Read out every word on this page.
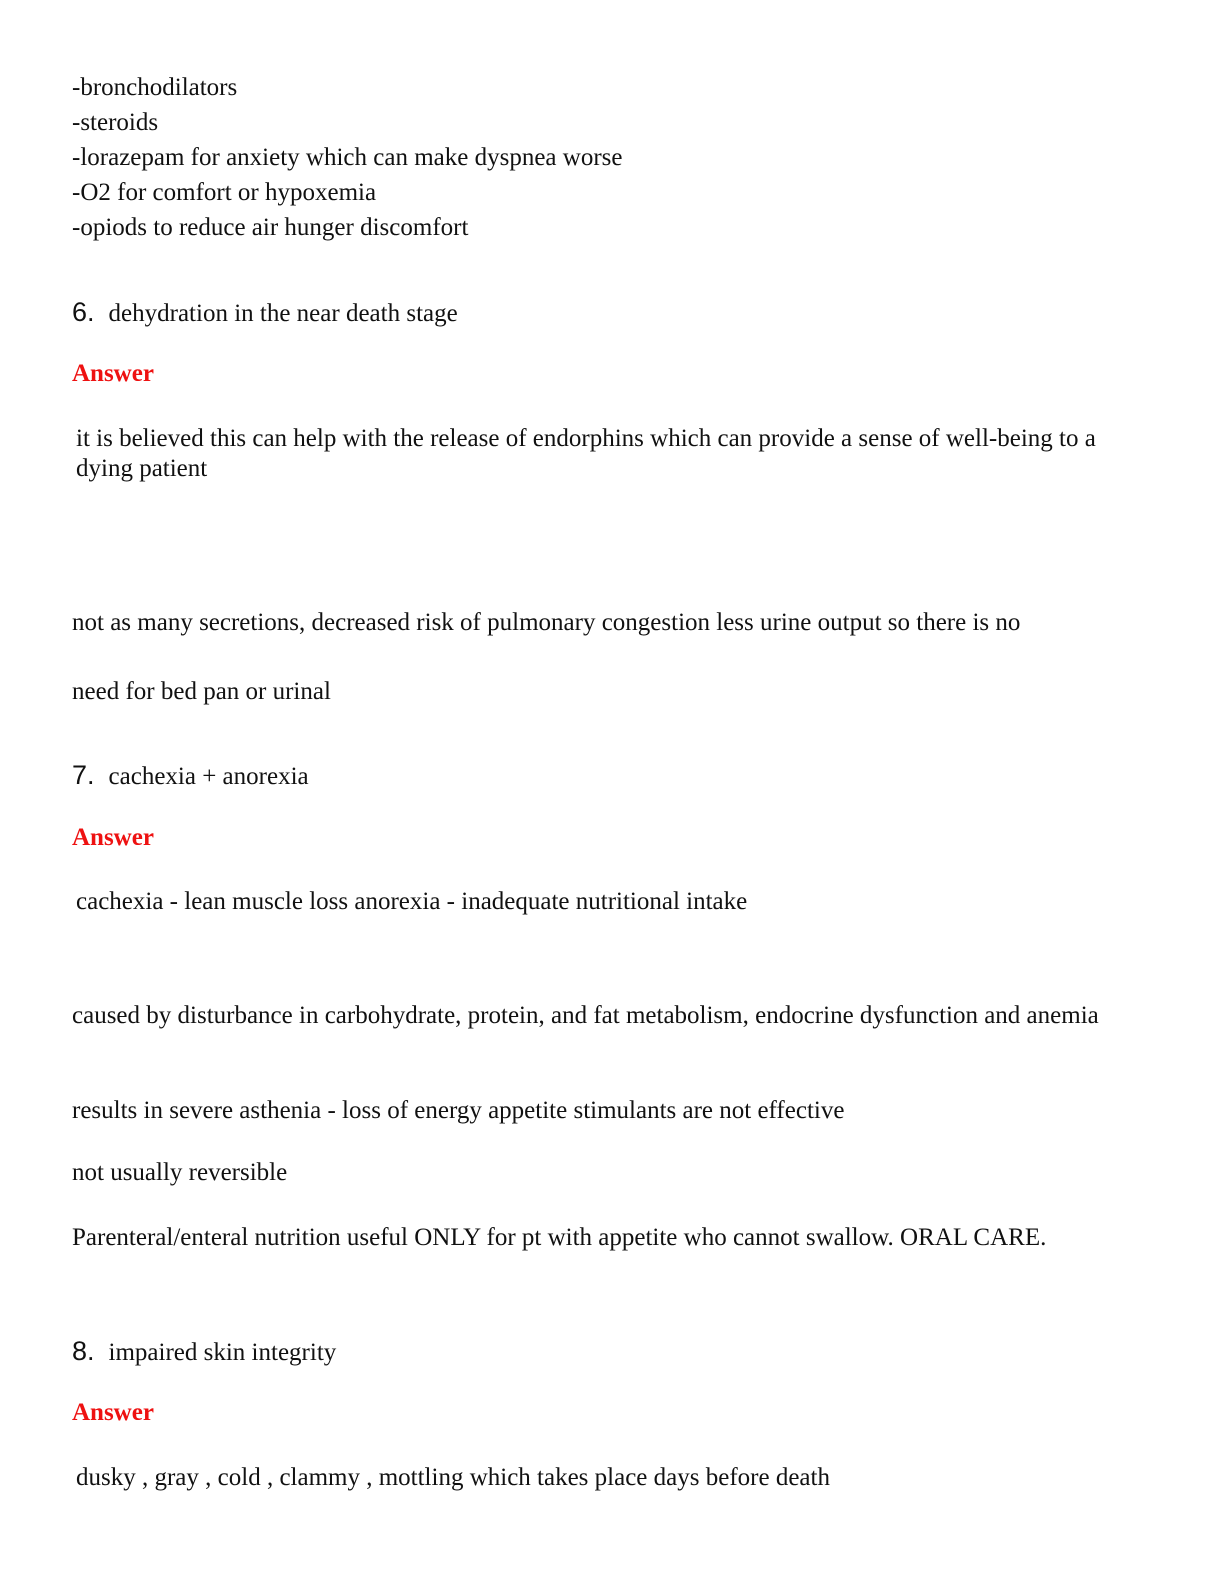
-bronchodilators

-steroids

-lorazepam for anxiety which can make dyspnea worse

-O2 for comfort or hypoxemia

-opiods to reduce air hunger discomfort

6. dehydration in the near death stage

Answer

it is believed this can help with the release of endorphins which can provide a sense of well-being to a dying patient

not as many secretions, decreased risk of pulmonary congestion less urine output so there is no

need for bed pan or urinal

7. cachexia + anorexia

Answer

cachexia - lean muscle loss anorexia - inadequate nutritional intake

caused by disturbance in carbohydrate, protein, and fat metabolism, endocrine dysfunction and anemia

results in severe asthenia - loss of energy appetite stimulants are not effective

not usually reversible

Parenteral/enteral nutrition useful ONLY for pt with appetite who cannot swallow. ORAL CARE.

8. impaired skin integrity

Answer

dusky , gray , cold , clammy , mottling which takes place days before death
